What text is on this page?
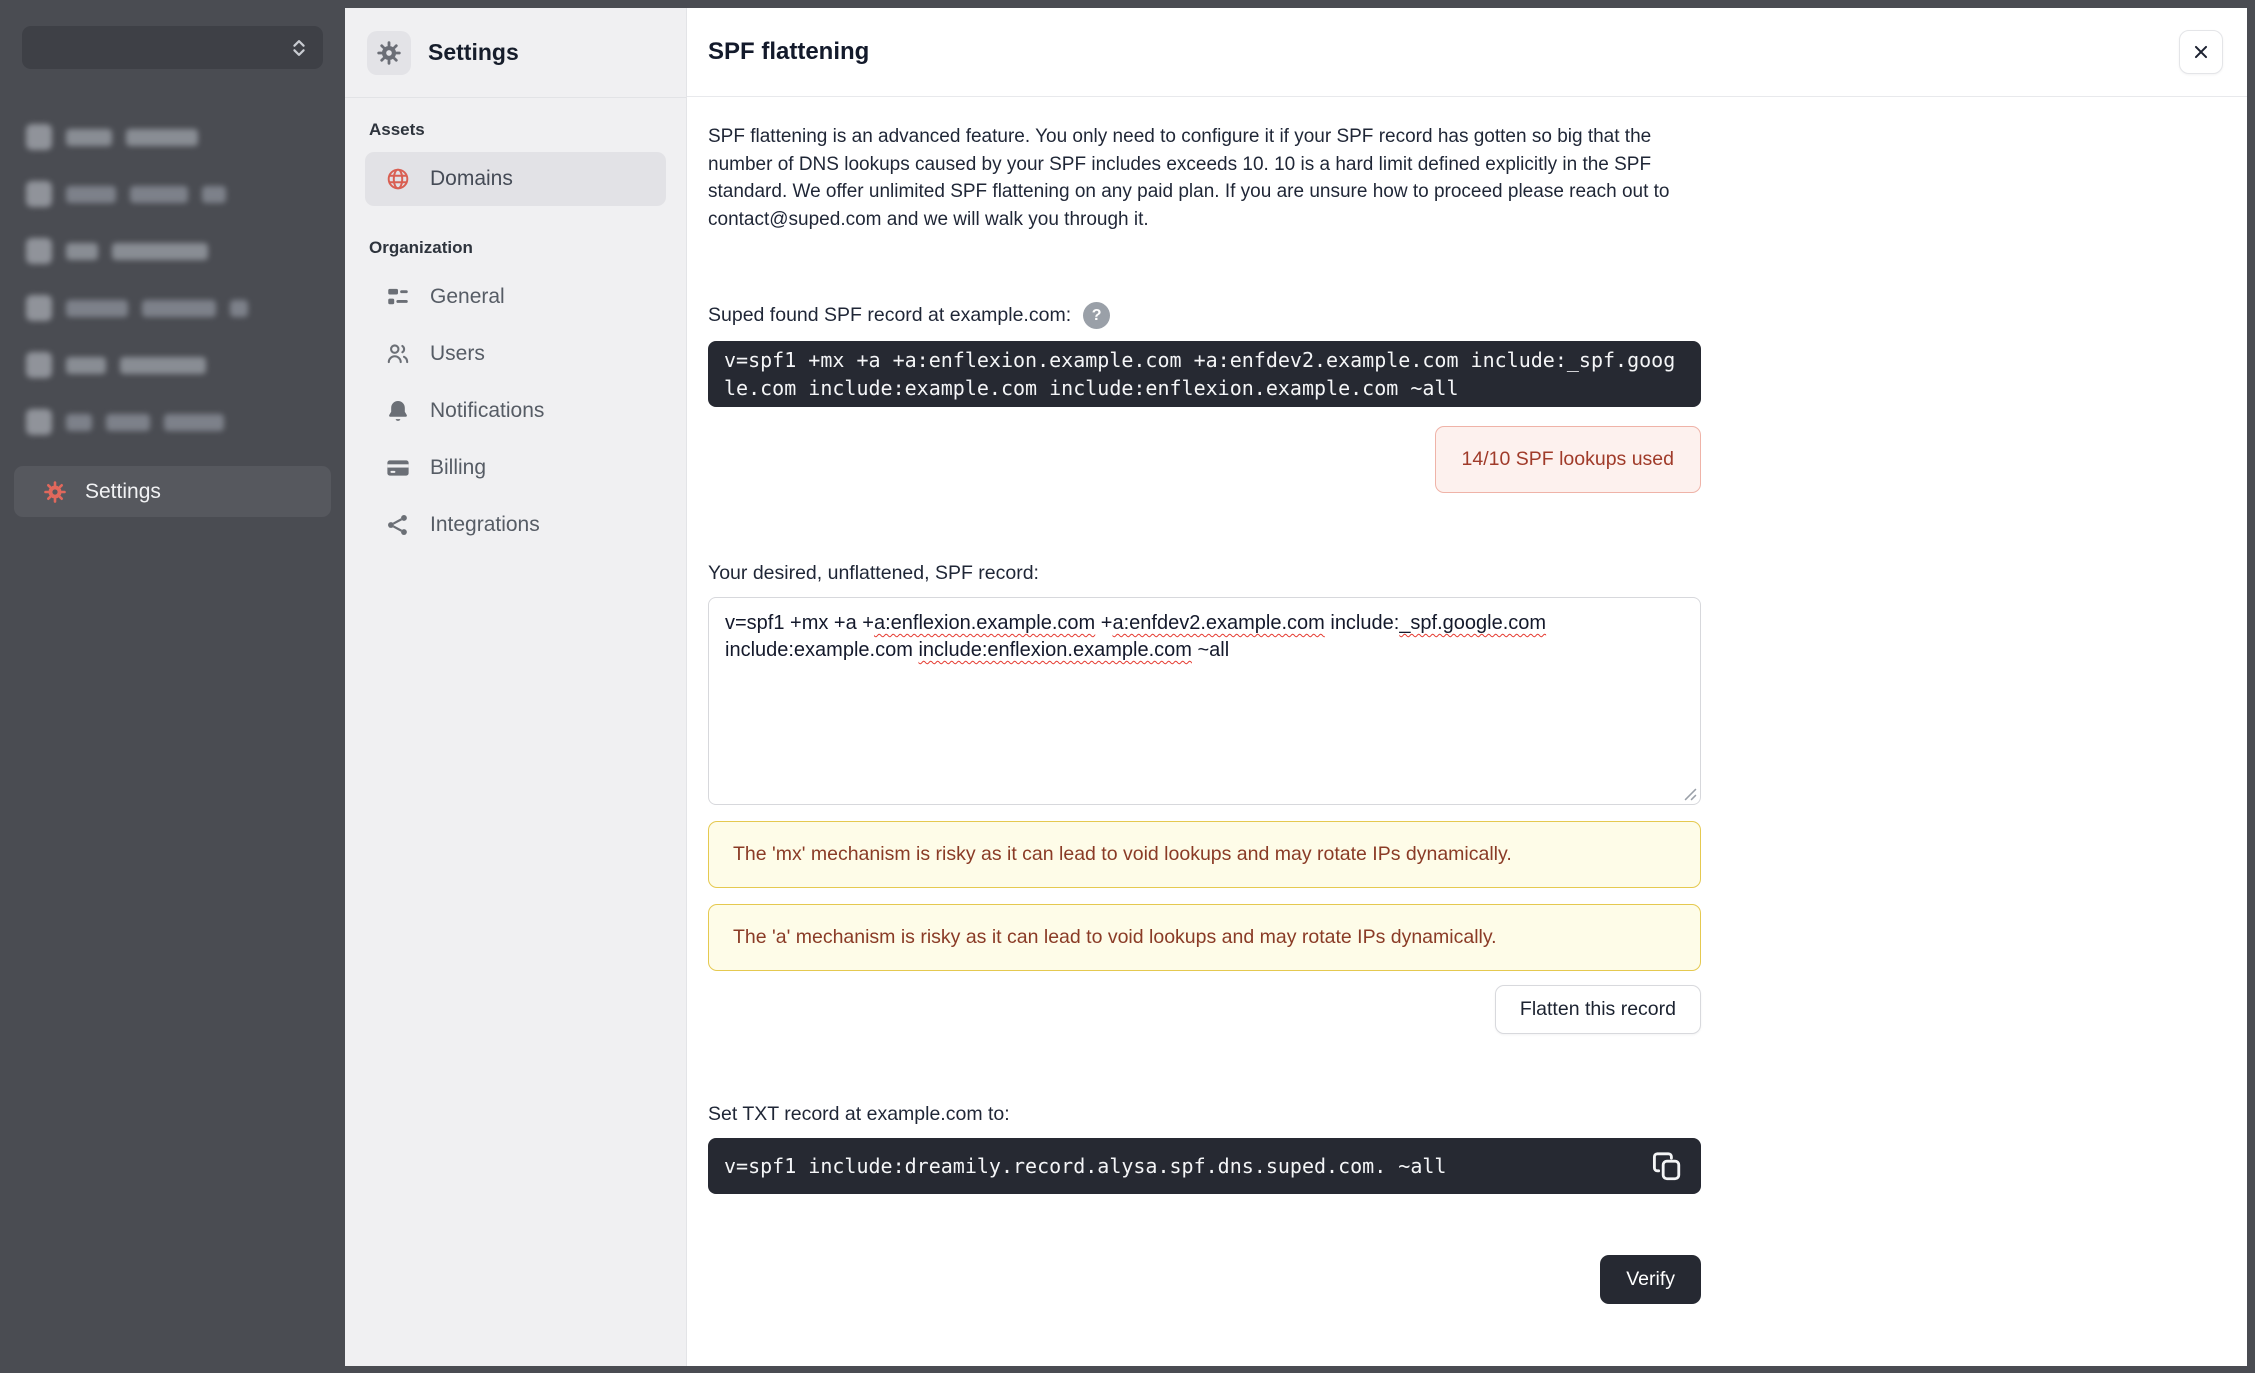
Settings
Settings
Assets
Domains
Organization
General
Users
Notifications
Billing
Integrations
SPF flattening

SPF flattening is an advanced feature. You only need to configure it if your SPF record has gotten so big that the number of DNS lookups caused by your SPF includes exceeds 10. 10 is a hard limit defined explicitly in the SPF standard. We offer unlimited SPF flattening on any paid plan. If you are unsure how to proceed please reach out to contact@suped.com and we will walk you through it.

Suped found SPF record at example.com:	?
v=spf1 +mx +a +a:enflexion.example.com +a:enfdev2.example.com include:_spf.google.com include:example.com include:enflexion.example.com ~all
14/10 SPF lookups used
Your desired, unflattened, SPF record:
v=spf1 +mx +a +a:enflexion.example.com +a:enfdev2.example.com include:_spf.google.com include:example.com include:enflexion.example.com ~all
The 'mx' mechanism is risky as it can lead to void lookups and may rotate IPs dynamically.
The 'a' mechanism is risky as it can lead to void lookups and may rotate IPs dynamically.
Flatten this record
Set TXT record at example.com to:
v=spf1 include:dreamily.record.alysa.spf.dns.suped.com. ~all
Verify
